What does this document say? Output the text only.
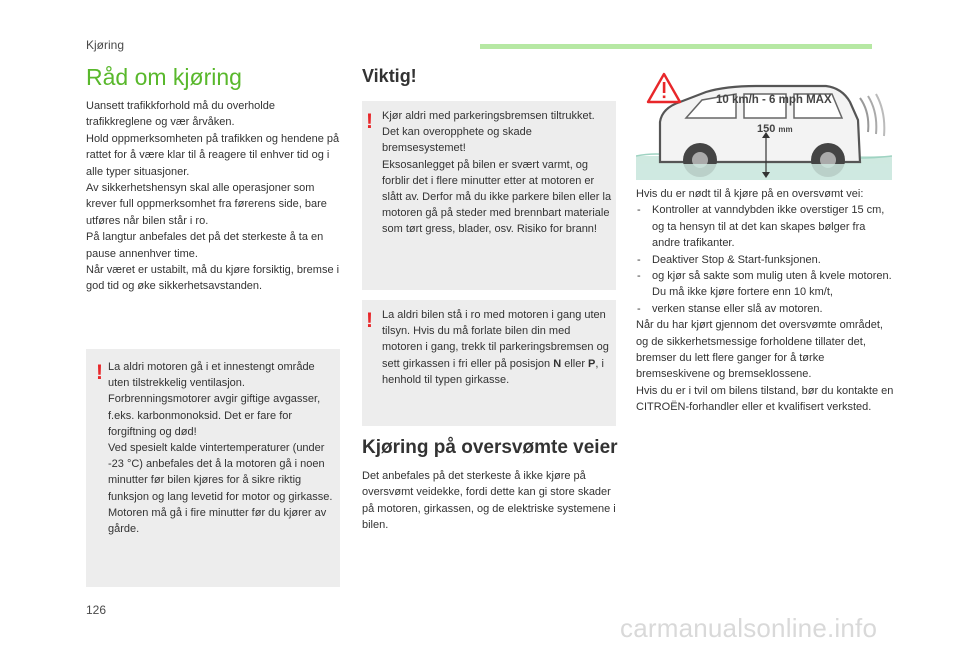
Kjøring
Råd om kjøring

Uansett trafikkforhold må du overholde trafikkreglene og vær årvåken.

Hold oppmerksomheten på trafikken og hendene på rattet for å være klar til å reagere til enhver tid og i alle typer situasjoner.

Av sikkerhetshensyn skal alle operasjoner som krever full oppmerksomhet fra førerens side, bare utføres når bilen står i ro.

På langtur anbefales det på det sterkeste å ta en pause annenhver time.

Når været er ustabilt, må du kjøre forsiktig, bremse i god tid og øke sikkerhetsavstanden.

! La aldri motoren gå i et innestengt område uten tilstrekkelig ventilasjon. Forbrenningsmotorer avgir giftige avgasser, f.eks. karbonmonoksid. Det er fare for forgiftning og død!

Ved spesielt kalde vintertemperaturer (under -23 °C) anbefales det å la motoren gå i noen minutter før bilen kjøres for å sikre riktig funksjon og lang levetid for motor og girkasse. Motoren må gå i fire minutter før du kjører av gårde.

Viktig!
! Kjør aldri med parkeringsbremsen tiltrukket. Det kan overopphete og skade bremsesystemet!

Eksosanlegget på bilen er svært varmt, og forblir det i flere minutter etter at motoren er slått av. Derfor må du ikke parkere bilen eller la motoren gå på steder med brennbart materiale som tørt gress, blader, osv. Risiko for brann!

! La aldri bilen stå i ro med motoren i gang uten tilsyn. Hvis du må forlate bilen din med motoren i gang, trekk til parkeringsbremsen og sett girkassen i fri eller på posisjon N eller P, i henhold til typen girkasse.
Kjøring på oversvømte veier
Det anbefales på det sterkeste å ikke kjøre på oversvømt veidekke, fordi dette kan gi store skader på motoren, girkassen, og de elektriske systemene i bilen.
10 km/h - 6 mph MAX
150 mm

Hvis du er nødt til å kjøre på en oversvømt vei:

- Kontroller at vanndybden ikke overstiger 15 cm, og ta hensyn til at det kan skapes bølger fra andre trafikanter.
- Deaktiver Stop & Start-funksjonen.
- og kjør så sakte som mulig uten å kvele motoren. Du må ikke kjøre fortere enn 10 km/t,
- verken stanse eller slå av motoren.

Når du har kjørt gjennom det oversvømte området, og de sikkerhetsmessige forholdene tillater det, bremser du lett flere ganger for å tørke bremseskivene og bremseklossene.

Hvis du er i tvil om bilens tilstand, bør du kontakte en CITROËN-forhandler eller et kvalifisert verksted.

126
carmanualsonline.info
